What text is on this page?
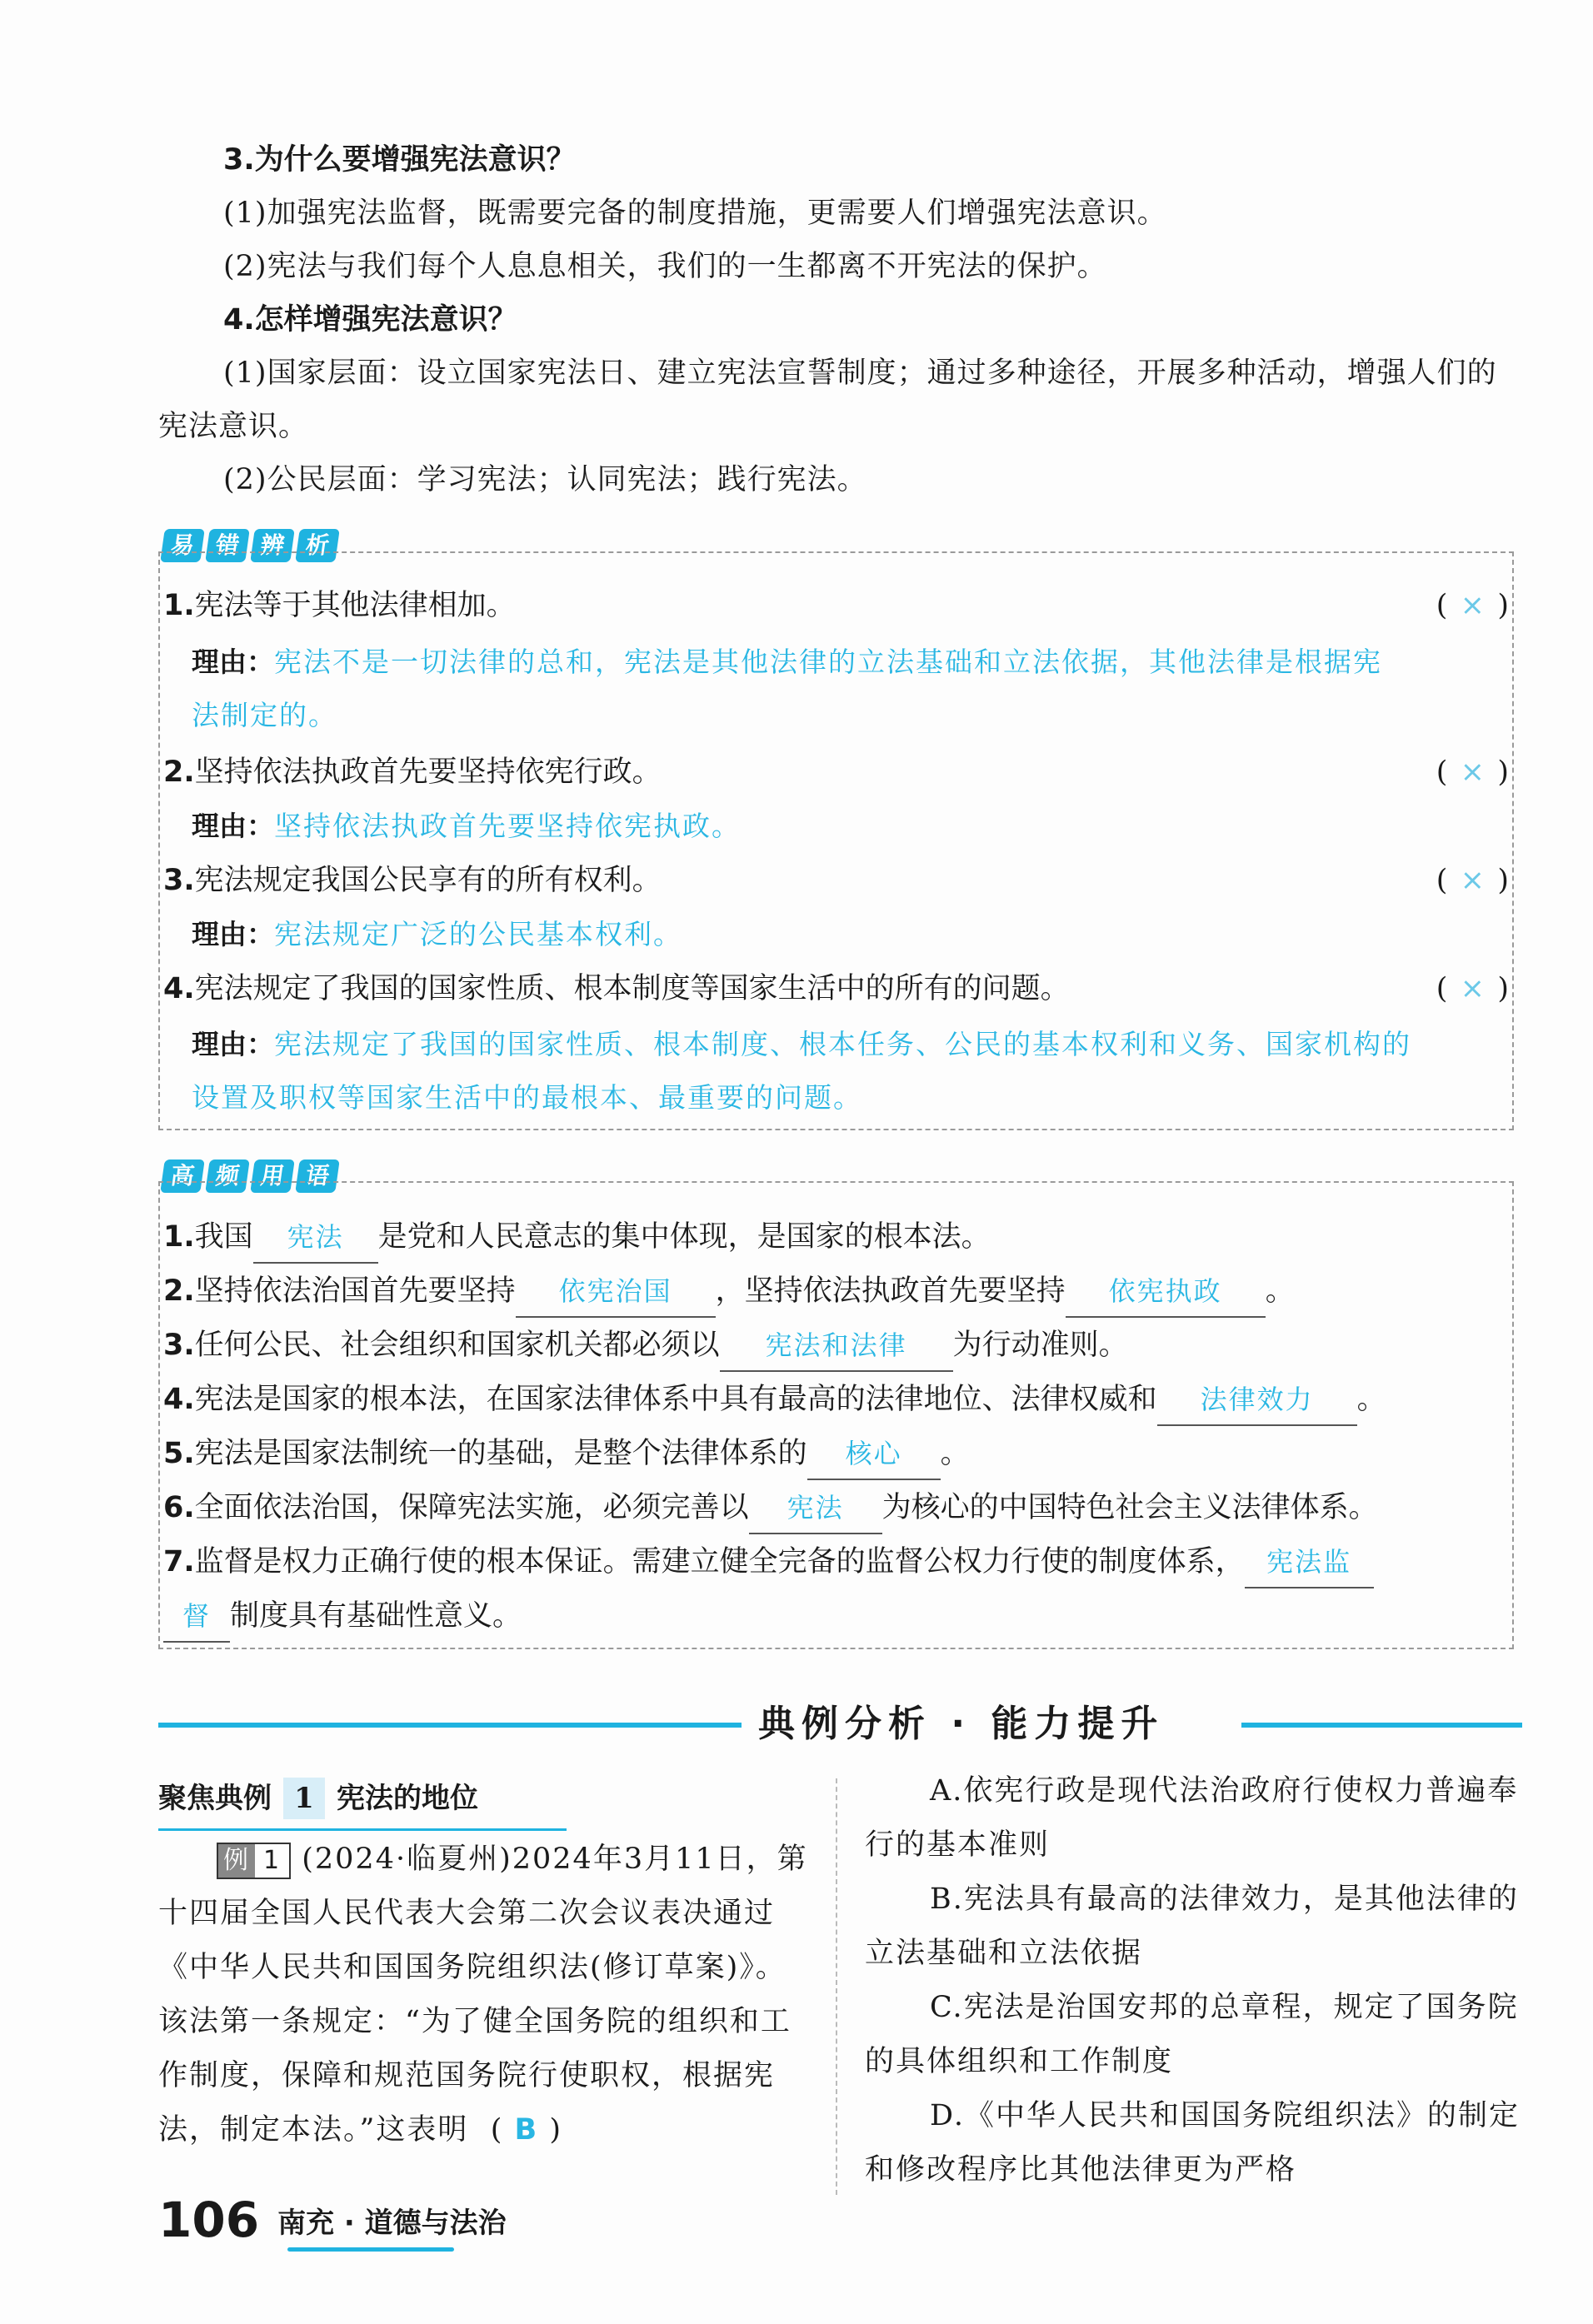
3.为什么要增强宪法意识？
(1)加强宪法监督，既需要完备的制度措施，更需要人们增强宪法意识。
(2)宪法与我们每个人息息相关，我们的一生都离不开宪法的保护。
4.怎样增强宪法意识？
(1)国家层面：设立国家宪法日、建立宪法宣誓制度；通过多种途径，开展多种活动，增强人们的宪法意识。
(2)公民层面：学习宪法；认同宪法；践行宪法。
易 错 辨 析
1.宪法等于其他法律相加。	( × )
理由：宪法不是一切法律的总和，宪法是其他法律的立法基础和立法依据，其他法律是根据宪
法制定的。
2.坚持依法执政首先要坚持依宪行政。	( × )
理由：坚持依法执政首先要坚持依宪执政。
3.宪法规定我国公民享有的所有权利。	( × )
理由：宪法规定广泛的公民基本权利。
4.宪法规定了我国的国家性质、根本制度等国家生活中的所有的问题。	( × )
理由：宪法规定了我国的国家性质、根本制度、根本任务、公民的基本权利和义务、国家机构的
设置及职权等国家生活中的最根本、最重要的问题。
高 频 用 语
1.我国 宪法 是党和人民意志的集中体现，是国家的根本法。
2.坚持依法治国首先要坚持 依宪治国 ，坚持依法执政首先要坚持 依宪执政 。
3.任何公民、社会组织和国家机关都必须以 宪法和法律 为行动准则。
4.宪法是国家的根本法，在国家法律体系中具有最高的法律地位、法律权威和 法律效力 。
5.宪法是国家法制统一的基础，是整个法律体系的 核心 。
6.全面依法治国，保障宪法实施，必须完善以 宪法 为核心的中国特色社会主义法律体系。
7.监督是权力正确行使的根本保证。需建立健全完备的监督公权力行使的制度体系， 宪法监
督 制度具有基础性意义。
典例分析 · 能力提升
聚焦典例 1 宪法的地位
例 1 (2024·临夏州)2024年3月11日，第十四届全国人民代表大会第二次会议表决通过《中华人民共和国国务院组织法(修订草案)》。该法第一条规定：“为了健全国务院的组织和工作制度，保障和规范国务院行使职权，根据宪法，制定本法。”这表明 ( B )
A.依宪行政是现代法治政府行使权力普遍奉行的基本准则
B.宪法具有最高的法律效力，是其他法律的立法基础和立法依据
C.宪法是治国安邦的总章程，规定了国务院的具体组织和工作制度
D.《中华人民共和国国务院组织法》的制定和修改程序比其他法律更为严格
106 南充 · 道德与法治
